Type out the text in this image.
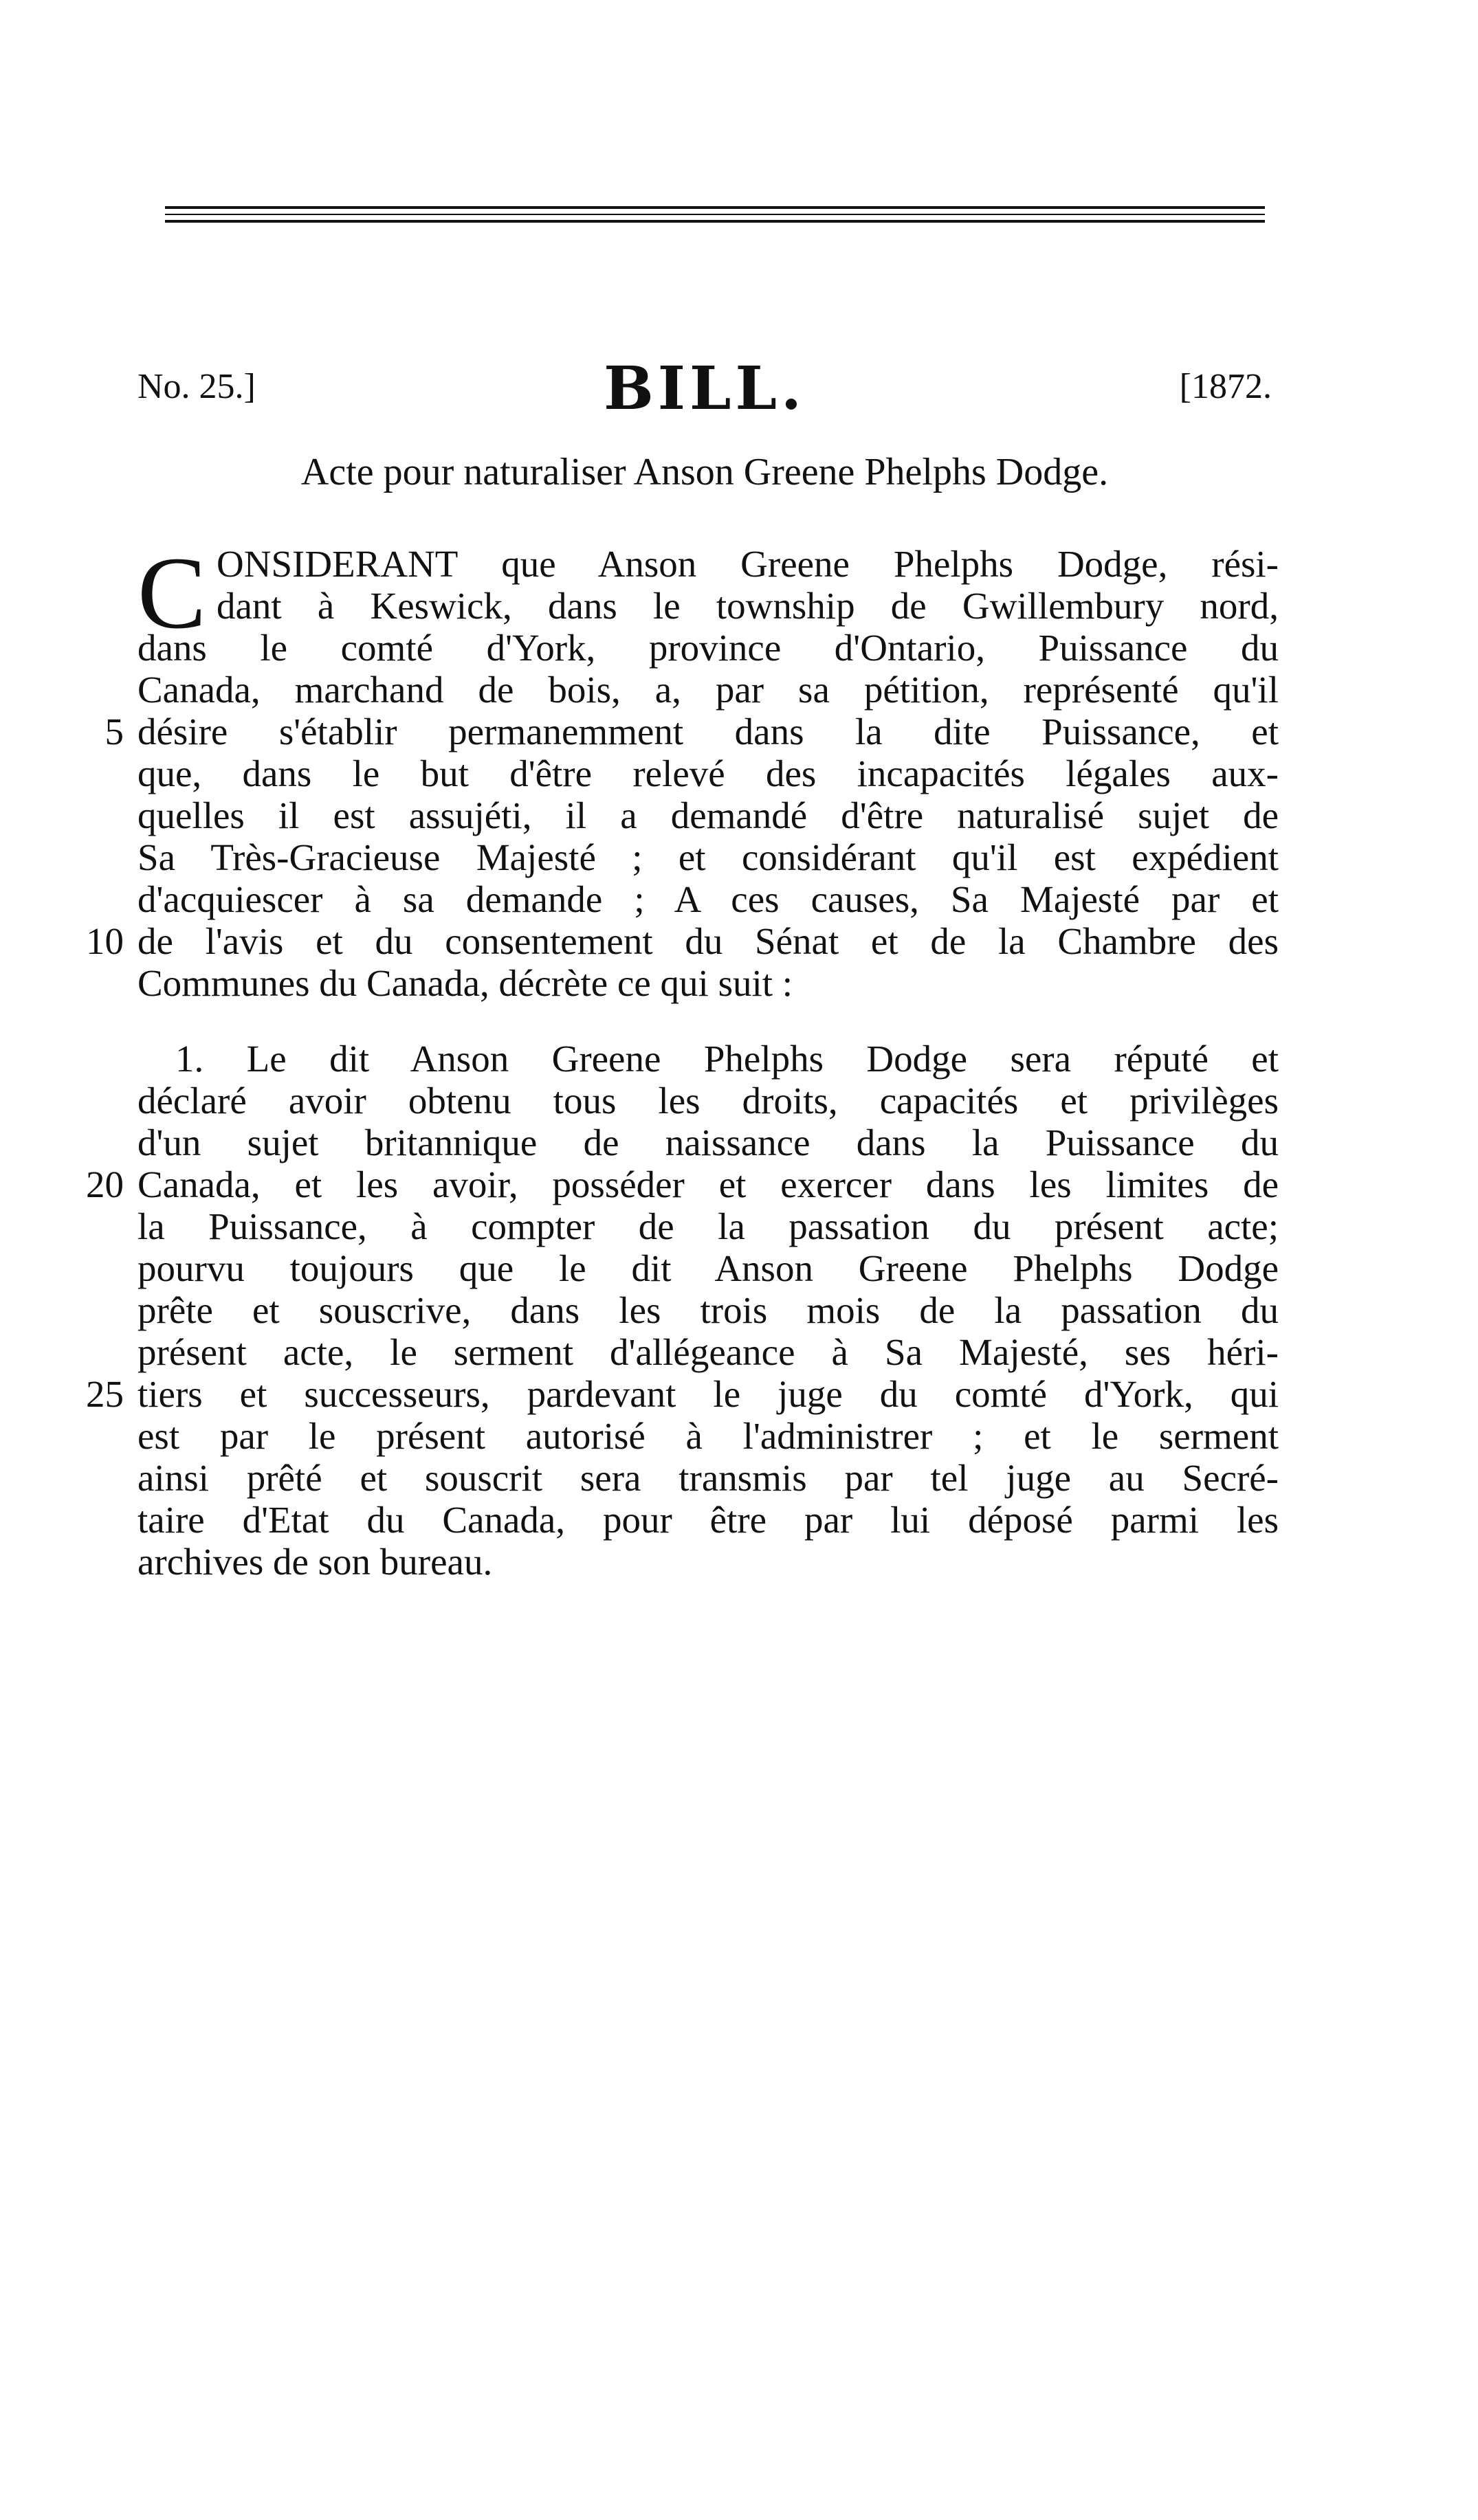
No. 25.]	BILL.	[1872.
Acte pour naturaliser Anson Greene Phelphs Dodge.
C ONSIDERANT que Anson Greene Phelphs Dodge, rési-
dant à Keswick, dans le township de Gwillembury nord,
dans le comté d'York, province d'Ontario, Puissance du
Canada, marchand de bois, a, par sa pétition, représenté qu'il
5 désire s'établir permanemment dans la dite Puissance, et
que, dans le but d'être relevé des incapacités légales aux-
quelles il est assujéti, il a demandé d'être naturalisé sujet de
Sa Très-Gracieuse Majesté ; et considérant qu'il est expédient
d'acquiescer à sa demande ; A ces causes, Sa Majesté par et
10 de l'avis et du consentement du Sénat et de la Chambre des
Communes du Canada, décrète ce qui suit :
1. Le dit Anson Greene Phelphs Dodge sera réputé et
déclaré avoir obtenu tous les droits, capacités et privilèges
d'un sujet britannique de naissance dans la Puissance du
20 Canada, et les avoir, posséder et exercer dans les limites de
la Puissance, à compter de la passation du présent acte;
pourvu toujours que le dit Anson Greene Phelphs Dodge
prête et souscrive, dans les trois mois de la passation du
présent acte, le serment d'allégeance à Sa Majesté, ses héri-
25 tiers et successeurs, pardevant le juge du comté d'York, qui
est par le présent autorisé à l'administrer ; et le serment
ainsi prêté et souscrit sera transmis par tel juge au Secré-
taire d'Etat du Canada, pour être par lui déposé parmi les
archives de son bureau.
